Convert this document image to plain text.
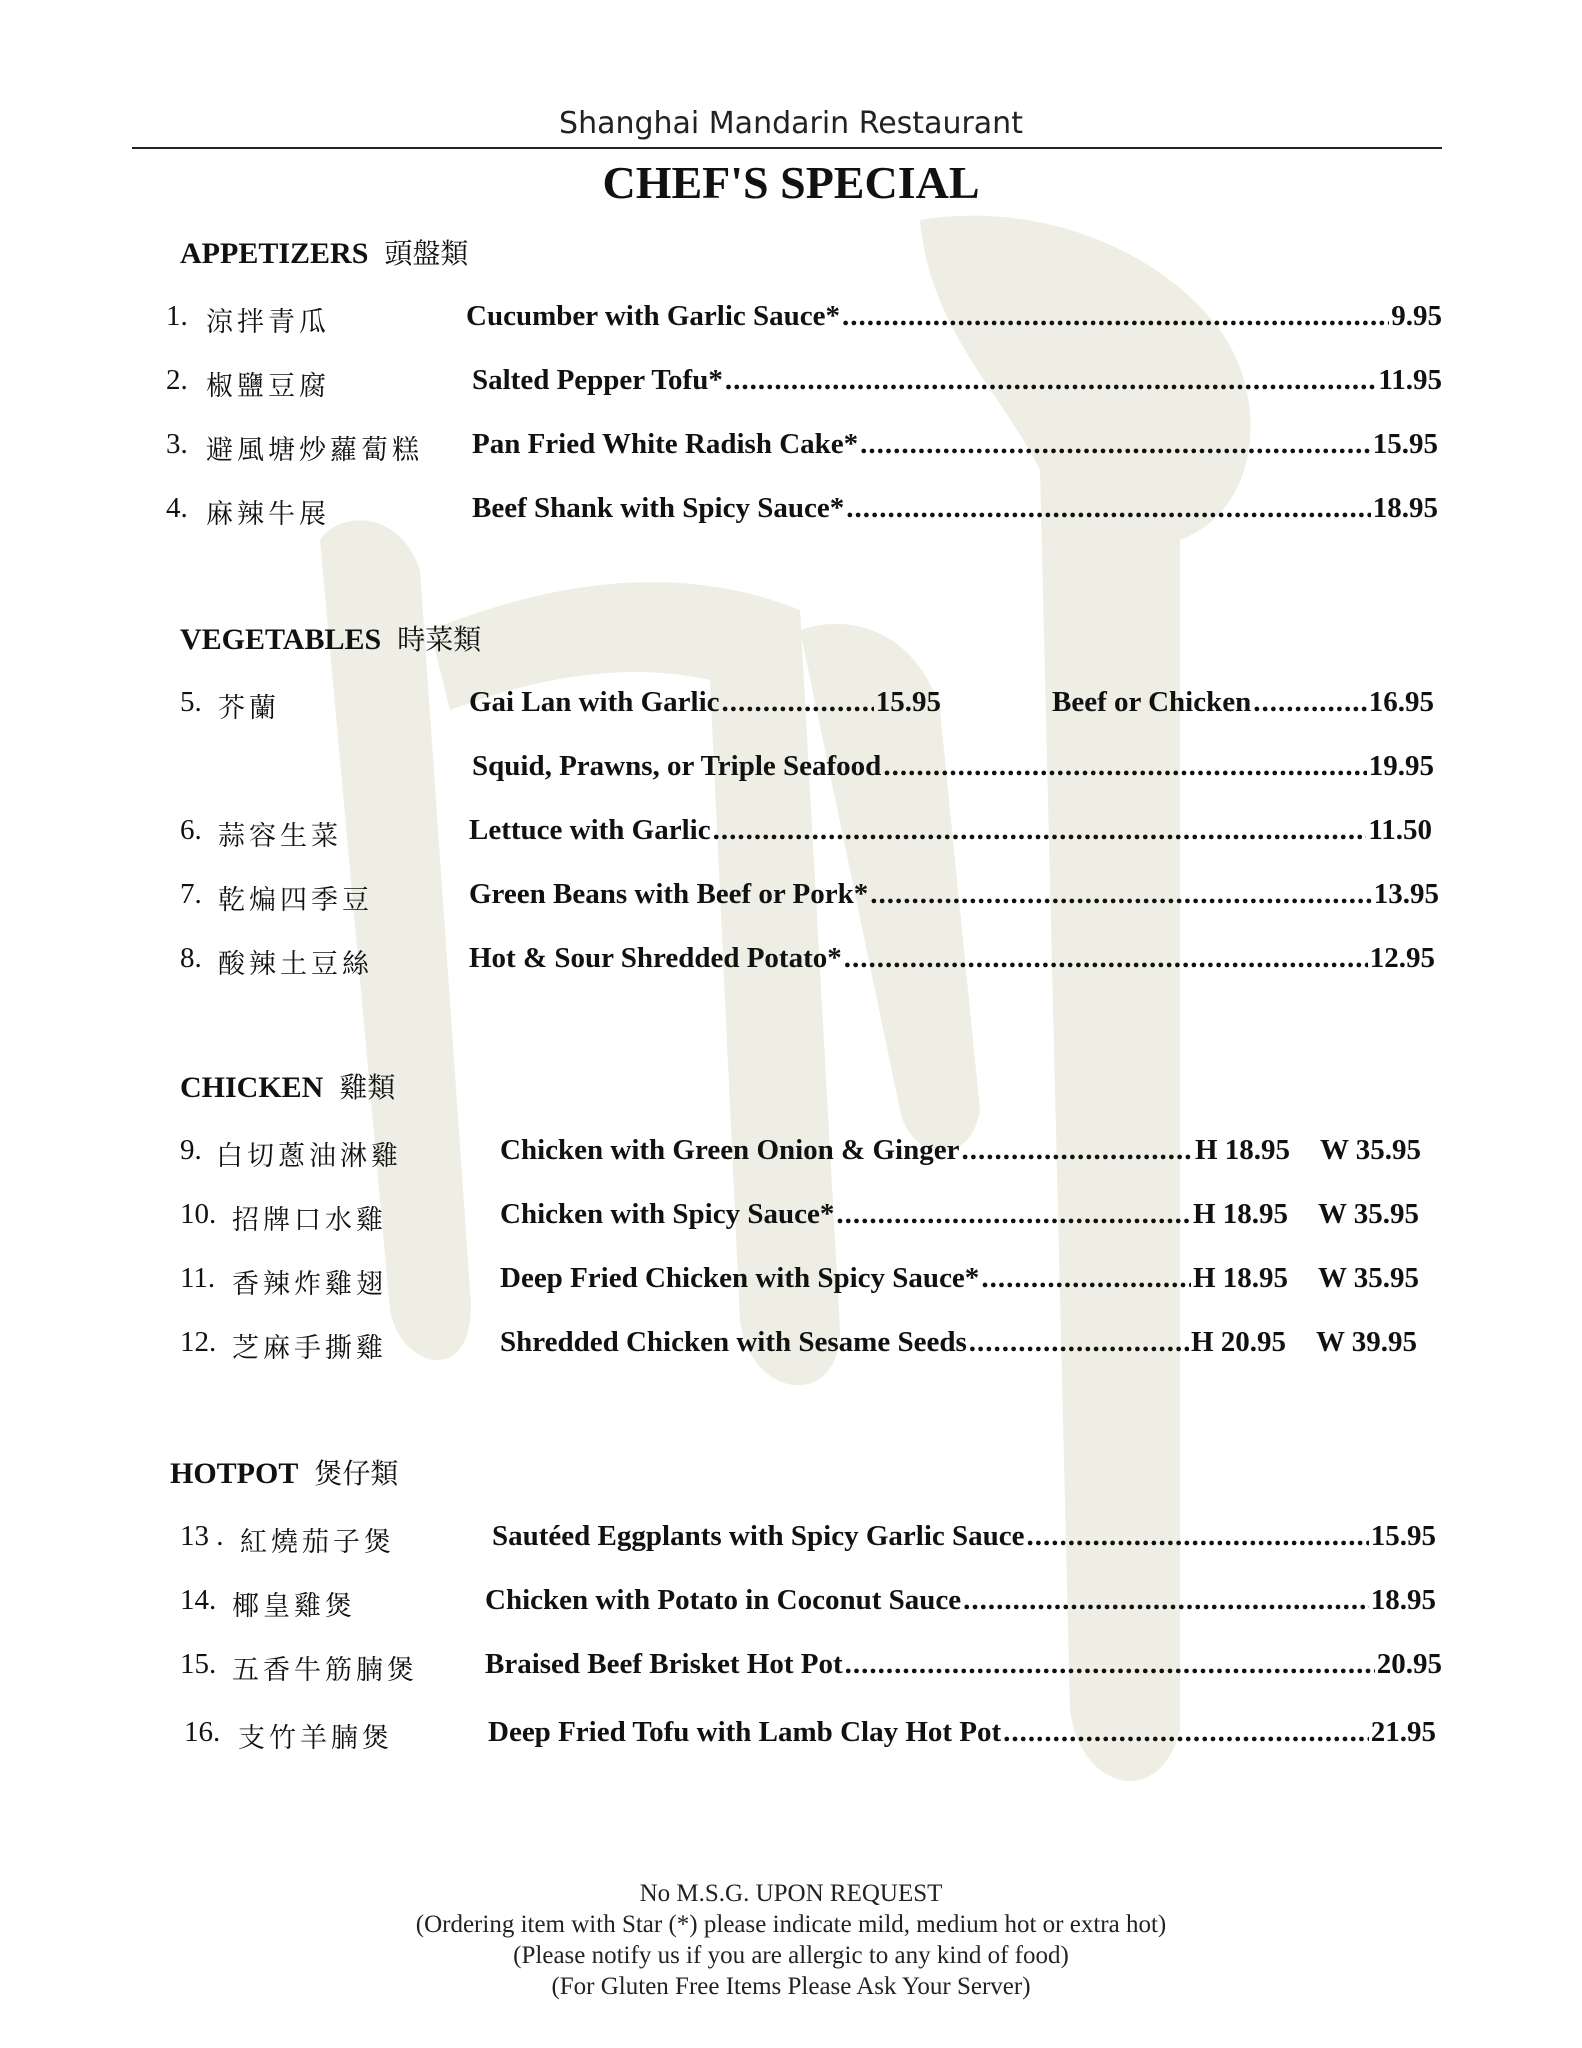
Shanghai Mandarin Restaurant
CHEF'S SPECIAL
APPETIZERS 頭盤類
1. 涼拌青瓜	Cucumber with Garlic Sauce* .....	9.95
2. 椒鹽豆腐	Salted Pepper Tofu* .....	11.95
3. 避風塘炒蘿蔔糕 Pan Fried White Radish Cake* .....	15.95
4. 麻辣牛展	Beef Shank with Spicy Sauce* .....	18.95
VEGETABLES 時菜類
5. 芥蘭	Gai Lan with Garlic .....	15.95	Beef or Chicken .....	16.95
Squid, Prawns, or Triple Seafood .....	19.95
6. 蒜容生菜	Lettuce with Garlic .....	11.50
7. 乾煸四季豆	Green Beans with Beef or Pork* .....	13.95
8. 酸辣土豆絲	Hot & Sour Shredded Potato* .....	12.95
CHICKEN 雞類
9. 白切蔥油淋雞	Chicken with Green Onion & Ginger .....	H 18.95 W 35.95
10. 招牌口水雞	Chicken with Spicy Sauce* .....	H 18.95 W 35.95
11. 香辣炸雞翅	Deep Fried Chicken with Spicy Sauce* .....	H 18.95 W 35.95
12. 芝麻手撕雞	Shredded Chicken with Sesame Seeds .....	H 20.95 W 39.95
HOTPOT 煲仔類
13 . 紅燒茄子煲	Sautéed Eggplants with Spicy Garlic Sauce .....	15.95
14. 椰皇雞煲	Chicken with Potato in Coconut Sauce .....	18.95
15. 五香牛筋腩煲 Braised Beef Brisket Hot Pot .....	20.95
16. 支竹羊腩煲	Deep Fried Tofu with Lamb Clay Hot Pot .....	21.95
No M.S.G. UPON REQUEST
(Ordering item with Star (*) please indicate mild, medium hot or extra hot)
(Please notify us if you are allergic to any kind of food)
(For Gluten Free Items Please Ask Your Server)
